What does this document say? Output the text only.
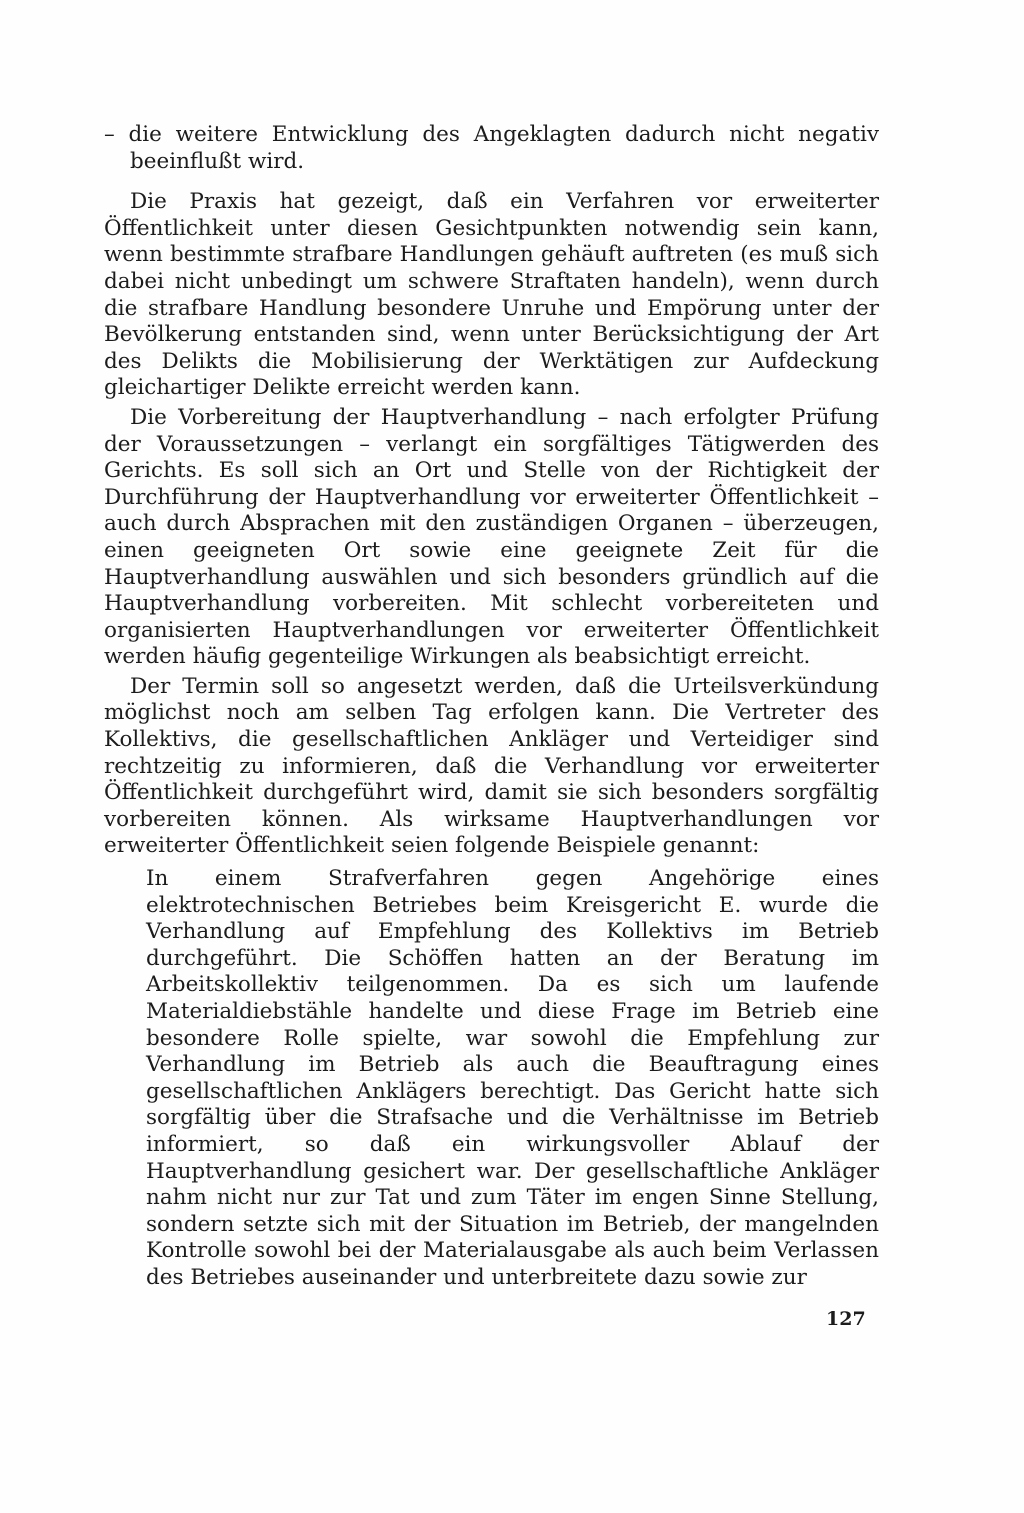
– die weitere Entwicklung des Angeklagten dadurch nicht negativ beeinflußt wird.

Die Praxis hat gezeigt, daß ein Verfahren vor erweiterter Öffentlichkeit unter diesen Gesichtpunkten notwendig sein kann, wenn bestimmte strafbare Handlungen gehäuft auftreten (es muß sich dabei nicht unbedingt um schwere Straftaten handeln), wenn durch die strafbare Handlung besondere Unruhe und Empörung unter der Bevölkerung entstanden sind, wenn unter Berücksichtigung der Art des Delikts die Mobilisierung der Werktätigen zur Aufdeckung gleichartiger Delikte erreicht werden kann.

Die Vorbereitung der Hauptverhandlung – nach erfolgter Prüfung der Voraussetzungen – verlangt ein sorgfältiges Tätigwerden des Gerichts. Es soll sich an Ort und Stelle von der Richtigkeit der Durchführung der Hauptverhandlung vor erweiterter Öffentlichkeit – auch durch Absprachen mit den zuständigen Organen – überzeugen, einen geeigneten Ort sowie eine geeignete Zeit für die Hauptverhandlung auswählen und sich besonders gründlich auf die Hauptverhandlung vorbereiten. Mit schlecht vorbereiteten und organisierten Hauptverhandlungen vor erweiterter Öffentlichkeit werden häufig gegenteilige Wirkungen als beabsichtigt erreicht.

Der Termin soll so angesetzt werden, daß die Urteilsverkündung möglichst noch am selben Tag erfolgen kann. Die Vertreter des Kollektivs, die gesellschaftlichen Ankläger und Verteidiger sind rechtzeitig zu informieren, daß die Verhandlung vor erweiterter Öffentlichkeit durchgeführt wird, damit sie sich besonders sorgfältig vorbereiten können. Als wirksame Hauptverhandlungen vor erweiterter Öffentlichkeit seien folgende Beispiele genannt:

In einem Strafverfahren gegen Angehörige eines elektrotechnischen Betriebes beim Kreisgericht E. wurde die Verhandlung auf Empfehlung des Kollektivs im Betrieb durchgeführt. Die Schöffen hatten an der Beratung im Arbeitskollektiv teilgenommen. Da es sich um laufende Materialdiebstähle handelte und diese Frage im Betrieb eine besondere Rolle spielte, war sowohl die Empfehlung zur Verhandlung im Betrieb als auch die Beauftragung eines gesellschaftlichen Anklägers berechtigt. Das Gericht hatte sich sorgfältig über die Strafsache und die Verhältnisse im Betrieb informiert, so daß ein wirkungsvoller Ablauf der Hauptverhandlung gesichert war. Der gesellschaftliche Ankläger nahm nicht nur zur Tat und zum Täter im engen Sinne Stellung, sondern setzte sich mit der Situation im Betrieb, der mangelnden Kontrolle sowohl bei der Materialausgabe als auch beim Verlassen des Betriebes auseinander und unterbreitete dazu sowie zur

127
